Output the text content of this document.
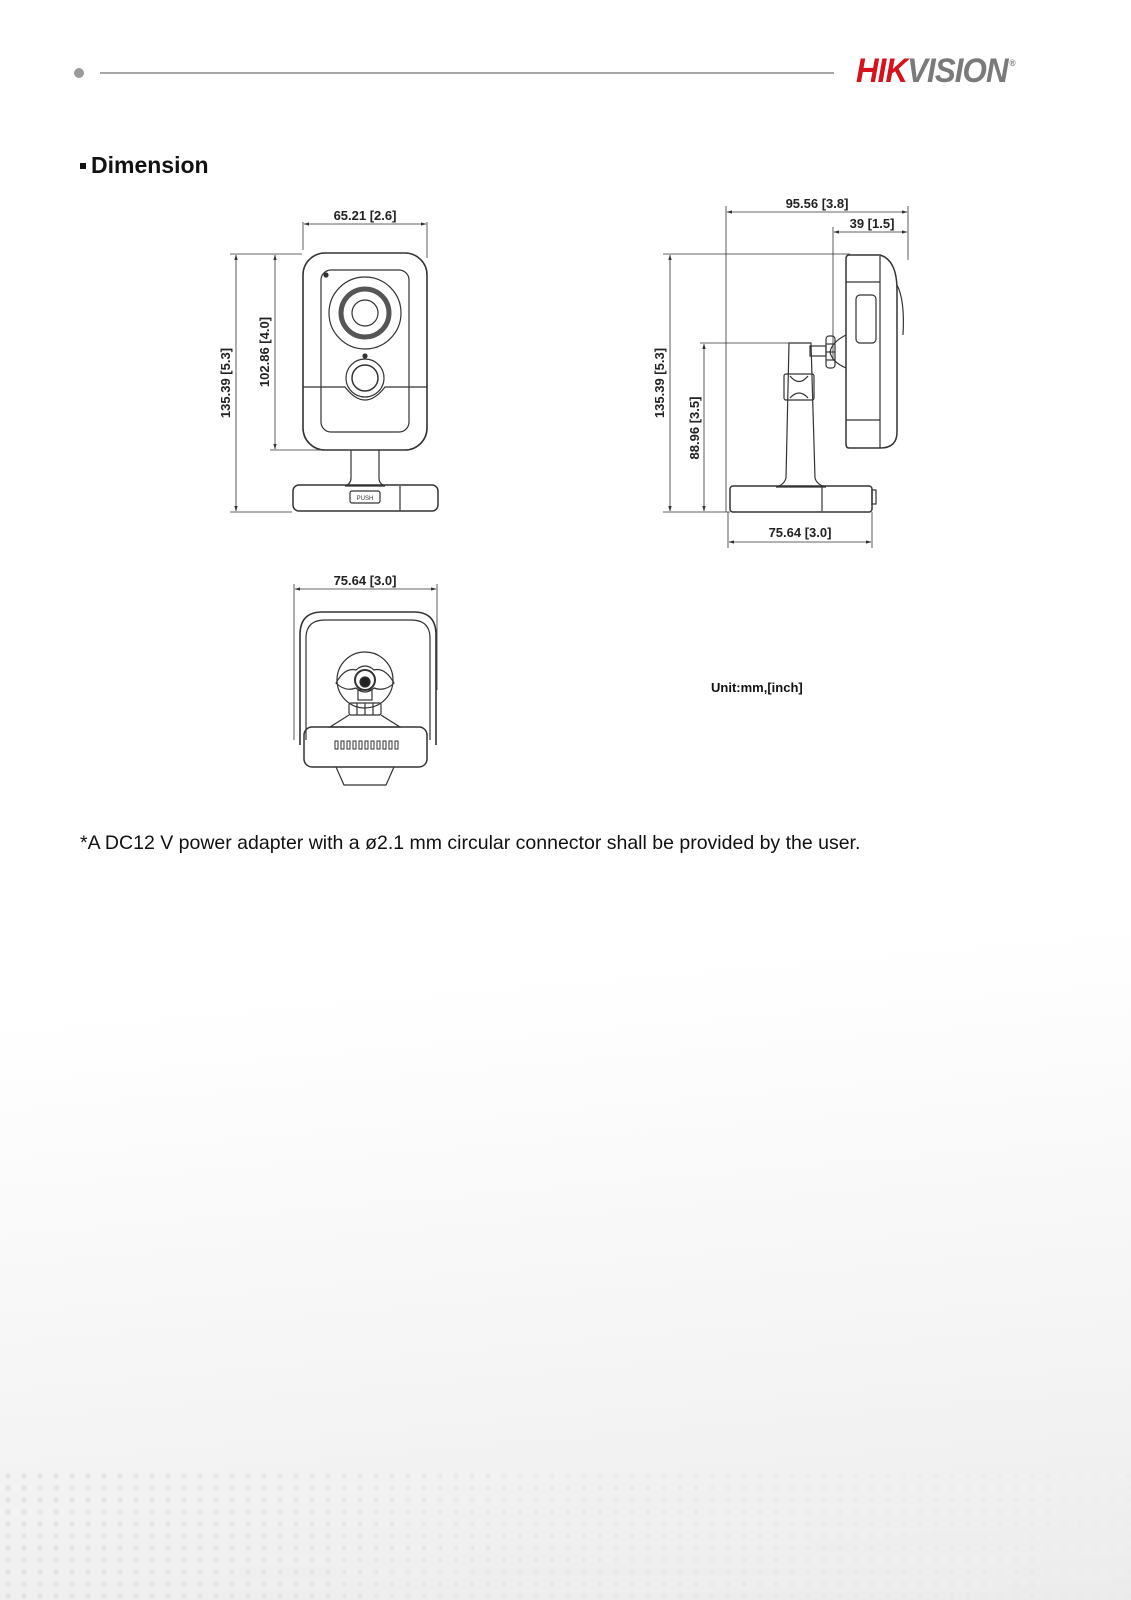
HIKVISION ®
Dimension
PUSH
65.21 [2.6]
135.39 [5.3] 102.86 [4.0]
95.56 [3.8]
39 [1.5]
135.39 [5.3]
88.96 [3.5]
75.64 [3.0]
75.64 [3.0]
Unit:mm,[inch]
*A DC12 V power adapter with a ø2.1 mm circular connector shall be provided by the user.
